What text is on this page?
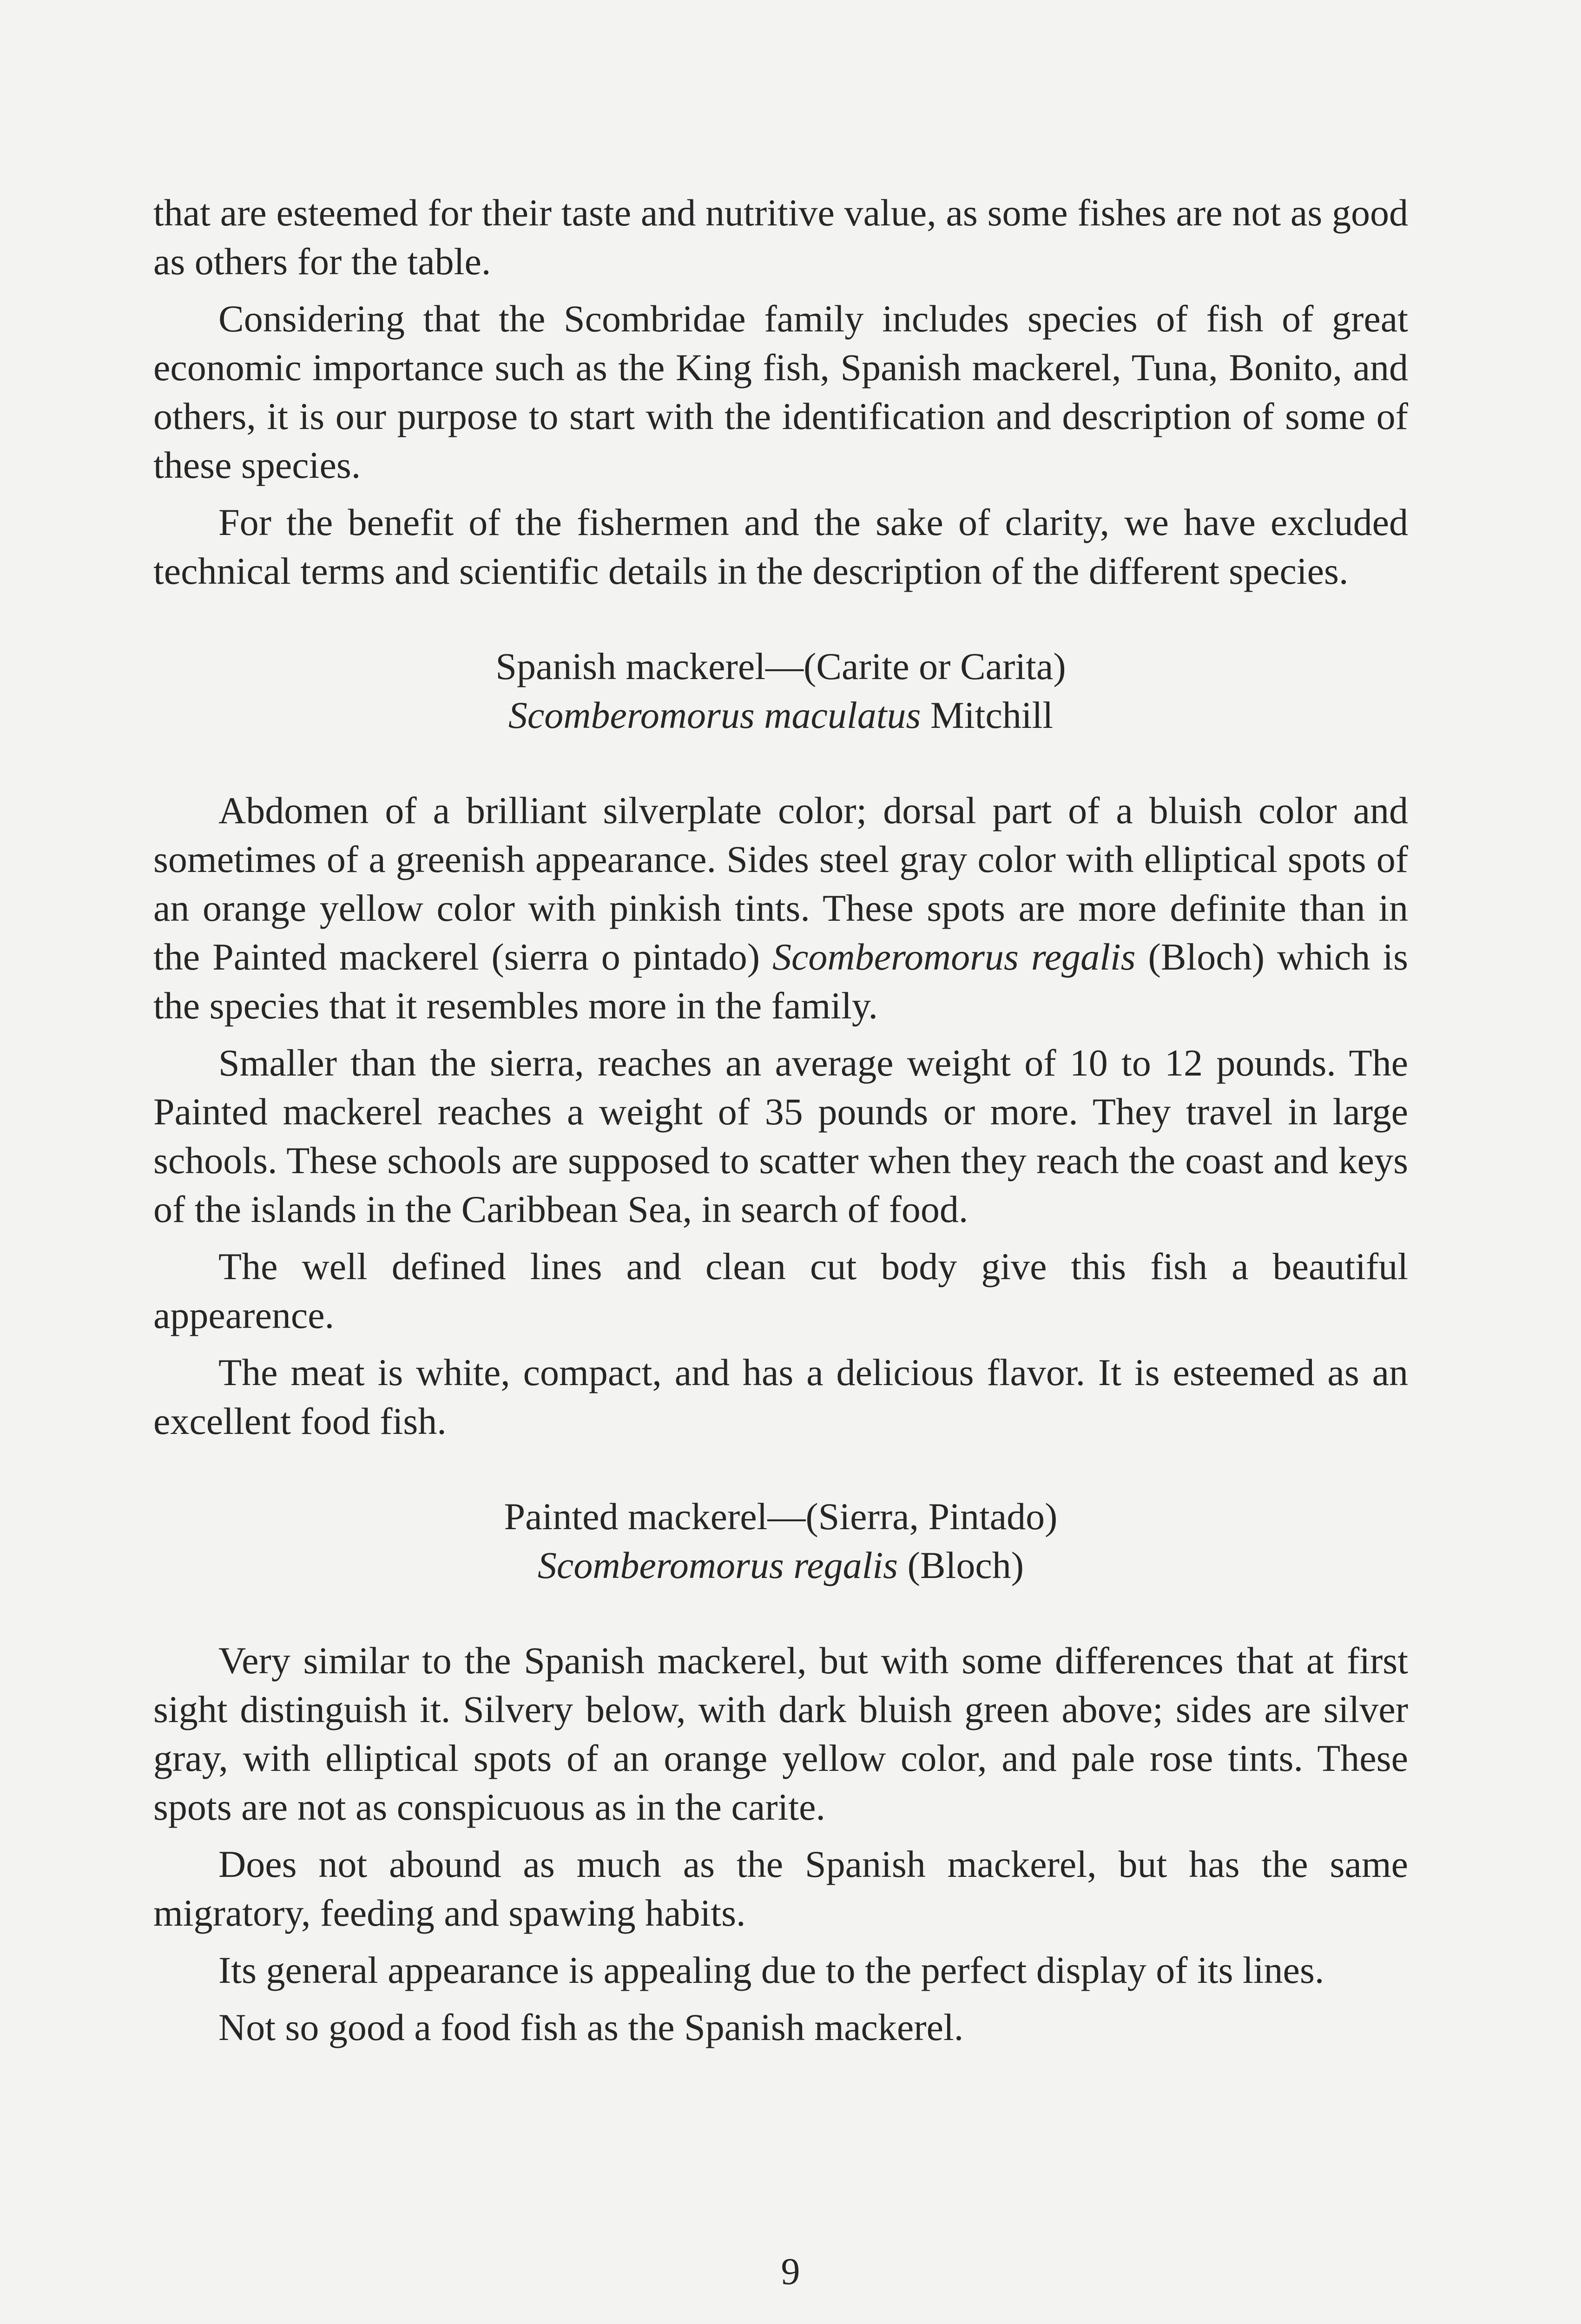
that are esteemed for their taste and nutritive value, as some fishes are not as good as others for the table.

Considering that the Scombridae family includes species of fish of great economic importance such as the King fish, Spanish mackerel, Tuna, Bonito, and others, it is our purpose to start with the identification and description of some of these species.

For the benefit of the fishermen and the sake of clarity, we have excluded technical terms and scientific details in the description of the different species.

Spanish mackerel—(Carite or Carita)
Scomberomorus maculatus Mitchill

Abdomen of a brilliant silverplate color; dorsal part of a bluish color and sometimes of a greenish appearance. Sides steel gray color with elliptical spots of an orange yellow color with pinkish tints. These spots are more definite than in the Painted mackerel (sierra o pintado) Scomberomorus regalis (Bloch) which is the species that it resembles more in the family.

Smaller than the sierra, reaches an average weight of 10 to 12 pounds. The Painted mackerel reaches a weight of 35 pounds or more. They travel in large schools. These schools are supposed to scatter when they reach the coast and keys of the islands in the Caribbean Sea, in search of food.

The well defined lines and clean cut body give this fish a beautiful appearence.

The meat is white, compact, and has a delicious flavor. It is esteemed as an excellent food fish.

Painted mackerel—(Sierra, Pintado)
Scomberomorus regalis (Bloch)

Very similar to the Spanish mackerel, but with some differences that at first sight distinguish it. Silvery below, with dark bluish green above; sides are silver gray, with elliptical spots of an orange yellow color, and pale rose tints. These spots are not as conspicuous as in the carite.

Does not abound as much as the Spanish mackerel, but has the same migratory, feeding and spawing habits.

Its general appearance is appealing due to the perfect display of its lines.

Not so good a food fish as the Spanish mackerel.

9
